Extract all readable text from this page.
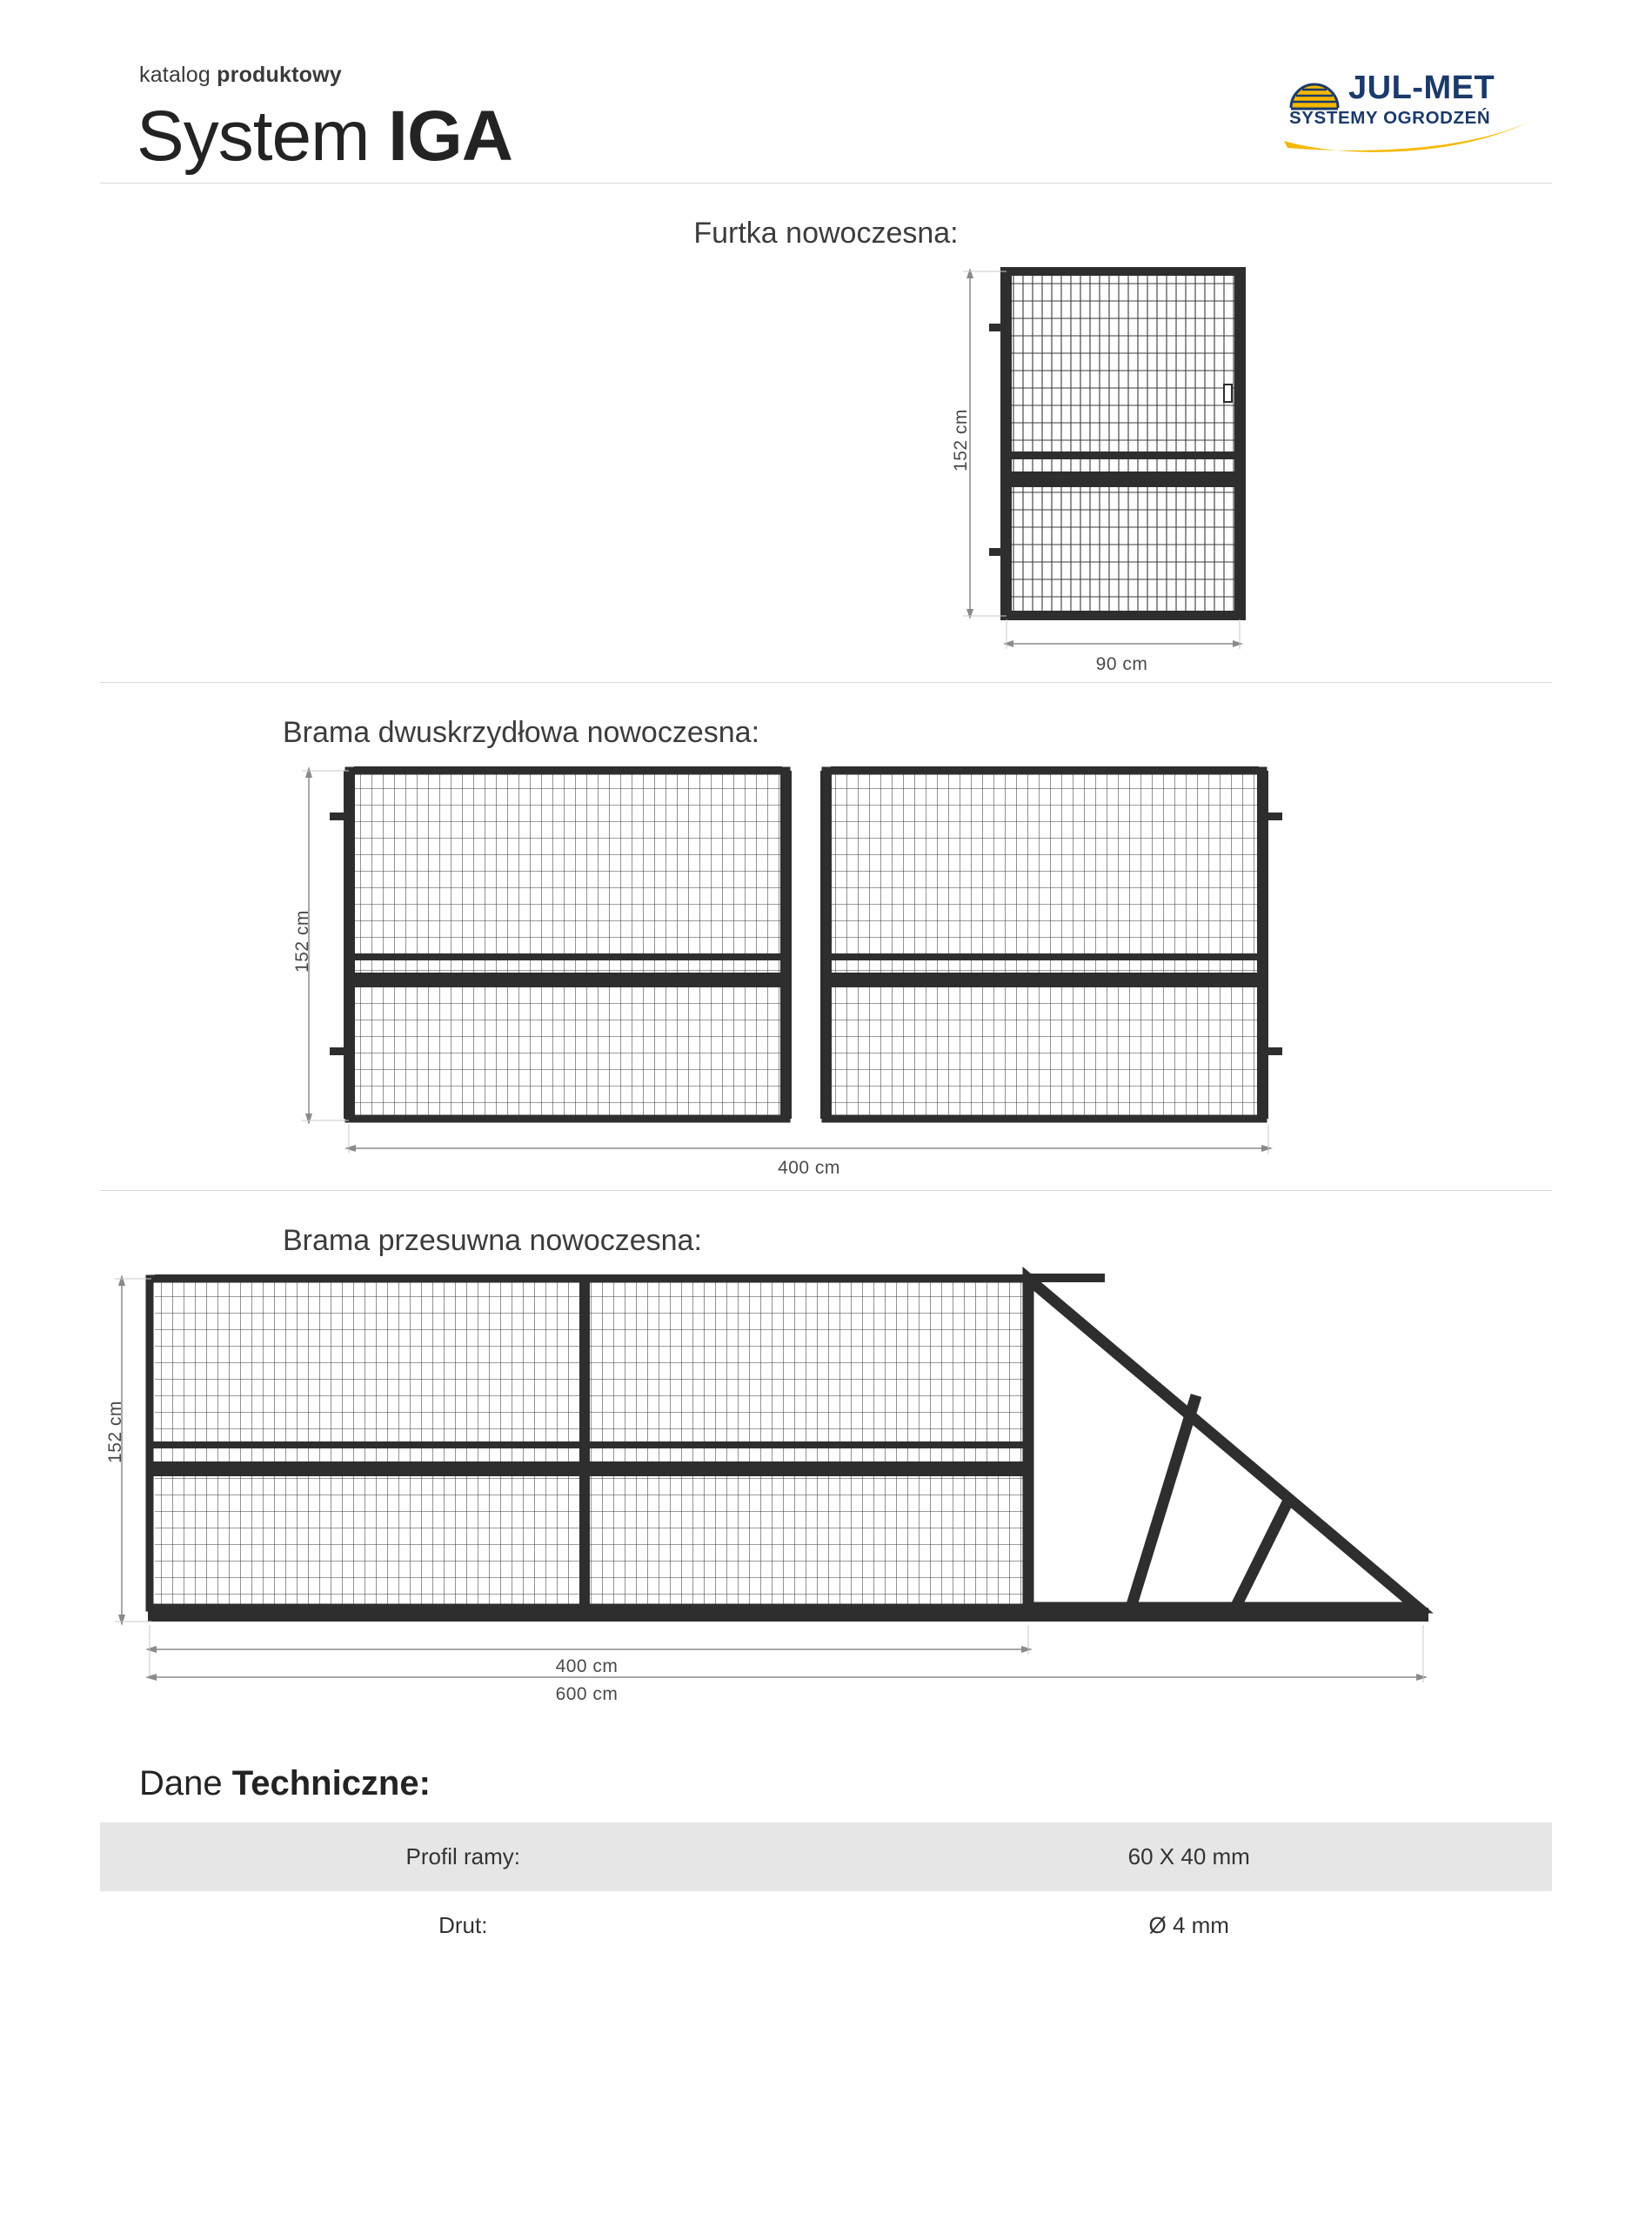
katalog produktowy
System IGA
JUL-MET
SYSTEMY OGRODZEŃ
Furtka nowoczesna:
152 cm
90 cm
Brama dwuskrzydłowa nowoczesna:
152 cm
400 cm
Brama przesuwna nowoczesna:
152 cm
400 cm
600 cm
Dane Techniczne:
Profil ramy:	60 X 40 mm
Drut:	Ø 4 mm
